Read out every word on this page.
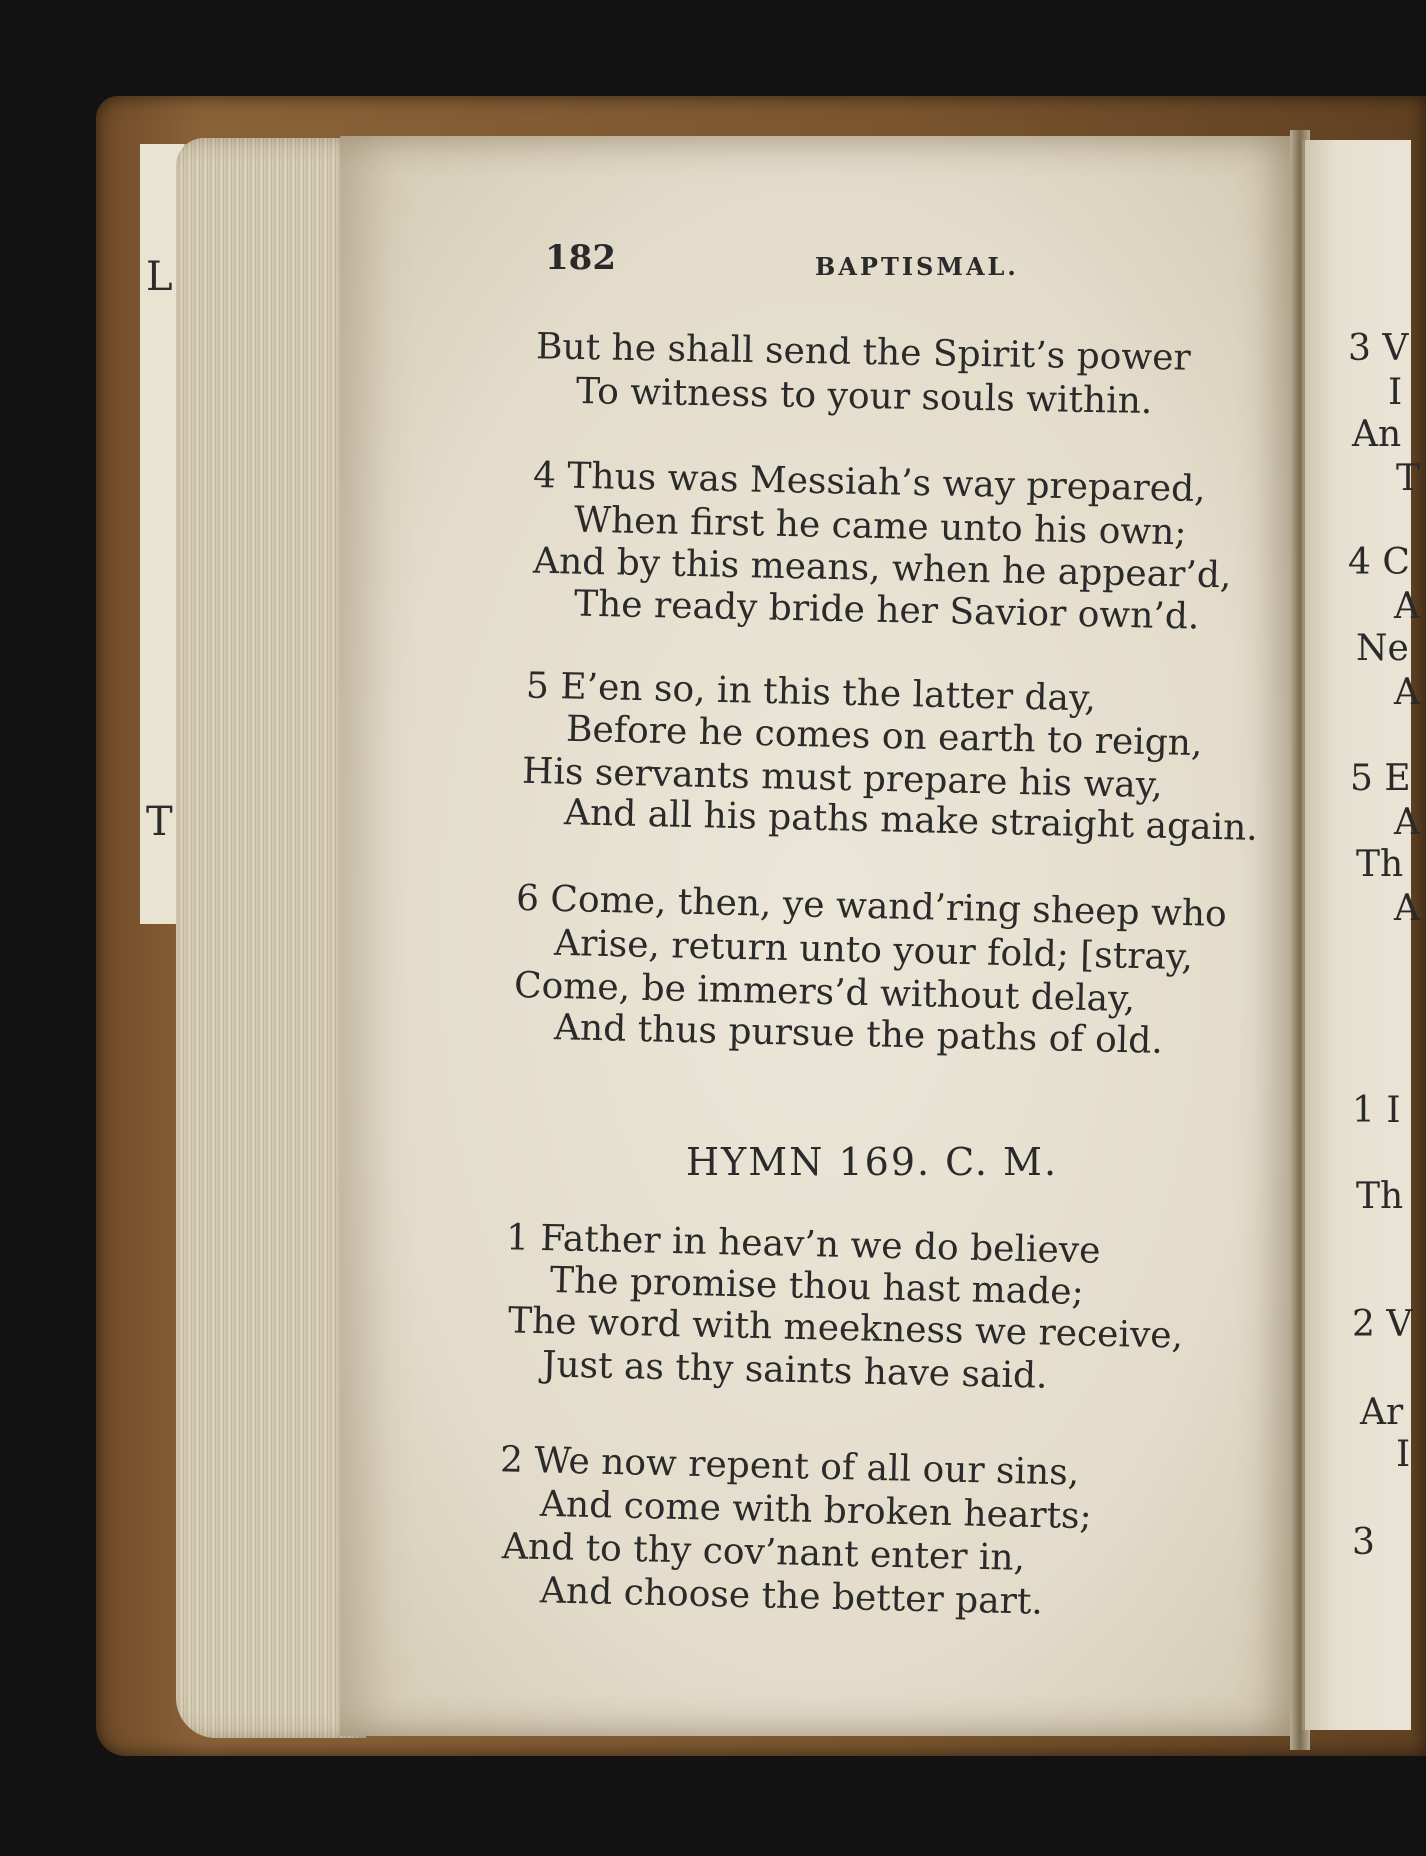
L
T
182	BAPTISMAL.
But he shall send the Spirit’s power
To witness to your souls within.
4 Thus was Messiah’s way prepared,
When first he came unto his own;
And by this means, when he appear’d,
The ready bride her Savior own’d.
5 E’en so, in this the latter day,
Before he comes on earth to reign,
His servants must prepare his way,
And all his paths make straight again.
6 Come, then, ye wand’ring sheep who
Arise, return unto your fold; [stray,
Come, be immers’d without delay,
And thus pursue the paths of old.
HYMN 169. C. M.
1 Father in heav’n we do believe
The promise thou hast made;
The word with meekness we receive,
Just as thy saints have said.
2 We now repent of all our sins,
And come with broken hearts;
And to thy cov’nant enter in,
And choose the better part.
3 V
I
An
T
4 C
A
Ne
A
5 E
A
Th
A
1 I
Th
2 V
Ar
I
3
